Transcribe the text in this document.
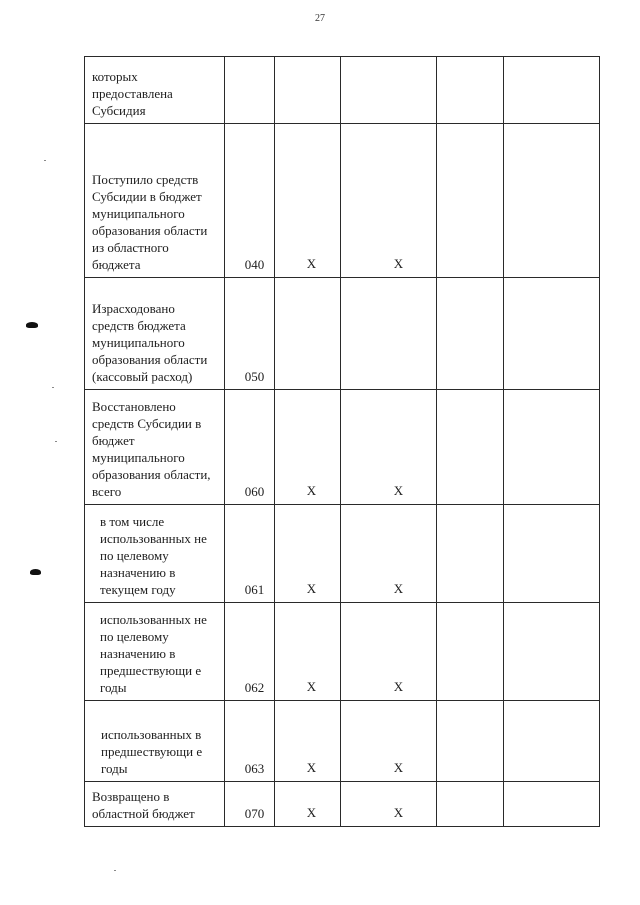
27
которых предоставлена Субсидия					
Поступило средств Субсидии в бюджет муниципального образования области из областного бюджета	040	X	X		
Израсходовано средств бюджета муниципального образования области (кассовый расход)	050				
Восстановлено средств Субсидии в бюджет муниципального образования области, всего	060	X	X		
в том числе использованных не по целевому назначению в текущем году	061	X	X		
использованных не по целевому назначению в предшествующи е годы	062	X	X		
использованных в предшествующи е годы	063	X	X		
Возвращено в областной бюджет	070	X	X		
